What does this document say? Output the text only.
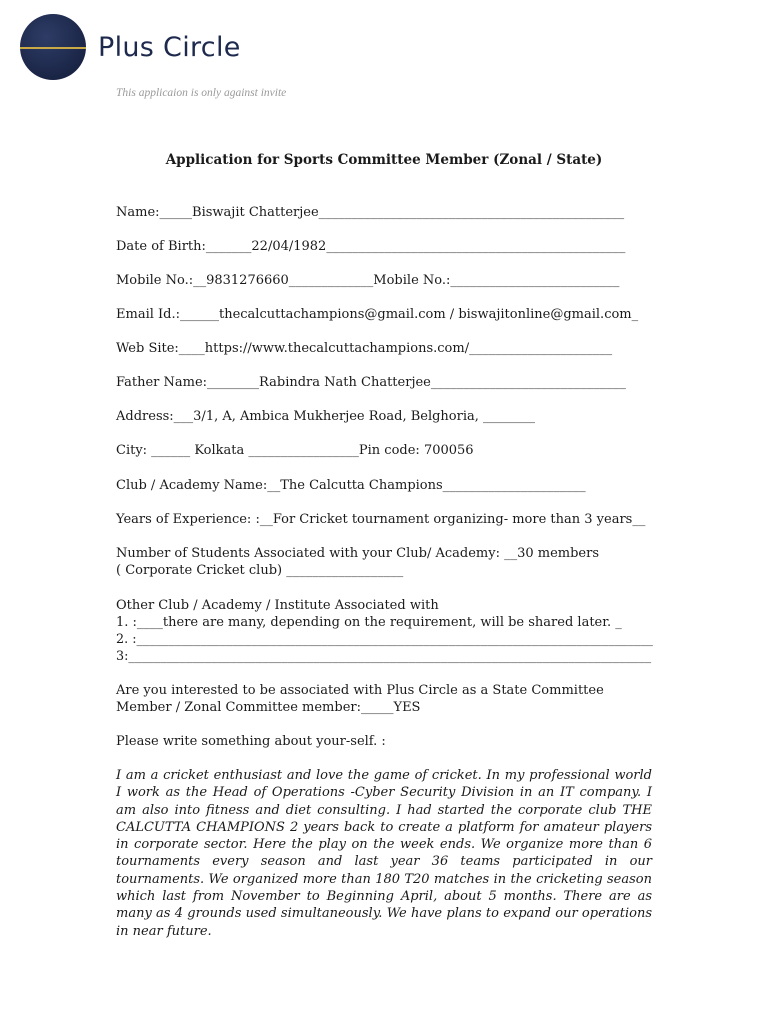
Plus Circle
This applicaion is only against invite
Application for Sports Committee Member (Zonal / State)
Name:_____Biswajit Chatterjee_______________________________________________
Date of Birth:_______22/04/1982______________________________________________
Mobile No.:__9831276660_____________Mobile No.:__________________________
Email Id.:______thecalcuttachampions@gmail.com / biswajitonline@gmail.com_
Web Site:____https://www.thecalcuttachampions.com/______________________
Father Name:________Rabindra Nath Chatterjee______________________________
Address:___3/1, A, Ambica Mukherjee Road, Belghoria, ________
City: ______ Kolkata _________________Pin code: 700056
Club / Academy Name:__The Calcutta Champions______________________
Years of Experience: :__For Cricket tournament organizing- more than 3 years__
Number of Students Associated with your Club/ Academy: __30 members
( Corporate Cricket club) __________________
Other Club / Academy / Institute Associated with
1. :____there are many, depending on the requirement, will be shared later. _
2. :_________________________________________________________________________________
3:__________________________________________________________________________________
Are you interested to be associated with Plus Circle as a State Committee
Member / Zonal Committee member:_____YES
Please write something about your-self. :
I am a cricket enthusiast and love the game of cricket. In my professional world I work as the Head of Operations -Cyber Security Division in an IT company. I am also into fitness and diet consulting. I had started the corporate club THE CALCUTTA CHAMPIONS 2 years back to create a platform for amateur players in corporate sector. Here the play on the week ends. We organize more than 6 tournaments every season and last year 36 teams participated in our tournaments. We organized more than 180 T20 matches in the cricketing season which last from November to Beginning April, about 5 months. There are as many as 4 grounds used simultaneously. We have plans to expand our operations in near future.
